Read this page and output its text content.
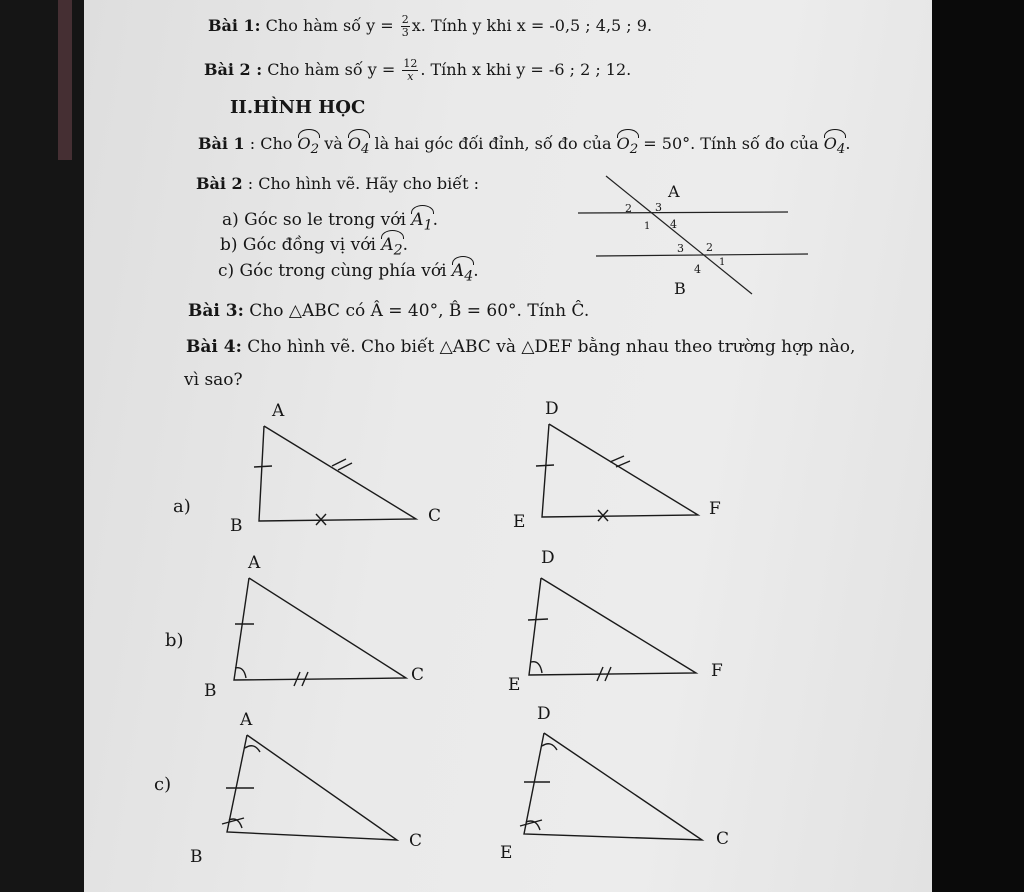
Bài 1: Cho hàm số $y = \frac{2}{3} x$. Tính y khi x = -0,5 ; 4,5 ; 9.
Bài 2 : Cho hàm số $y = \frac{12}{x}$ . Tính x khi y = -6 ; 2 ; 12.
II.HÌNH HỌC
Bài 1 : Cho $O_2$ và $O_4$ là hai góc đối đỉnh, số đo của $O_2 = 50^\circ$. Tính số đo của $O_4$.
Bài 2 : Cho hình vẽ. Hãy cho biết :
a) Góc so le trong với $A_1$.
b) Góc đồng vị với $A_2$.
c) Góc trong cùng phía với $A_4$.
A
B
2 3
1 4
3 2
1
4
A
B	C
D
E
F
A
B
C
D
E
F
A
B
C
D
E
C
Bài 3: Cho △ABC có Â = 40°, B̂ = 60°. Tính Ĉ.
Bài 4: Cho hình vẽ. Cho biết △ABC và △DEF bằng nhau theo trường hợp nào,
vì sao?
a)
b)
c)
